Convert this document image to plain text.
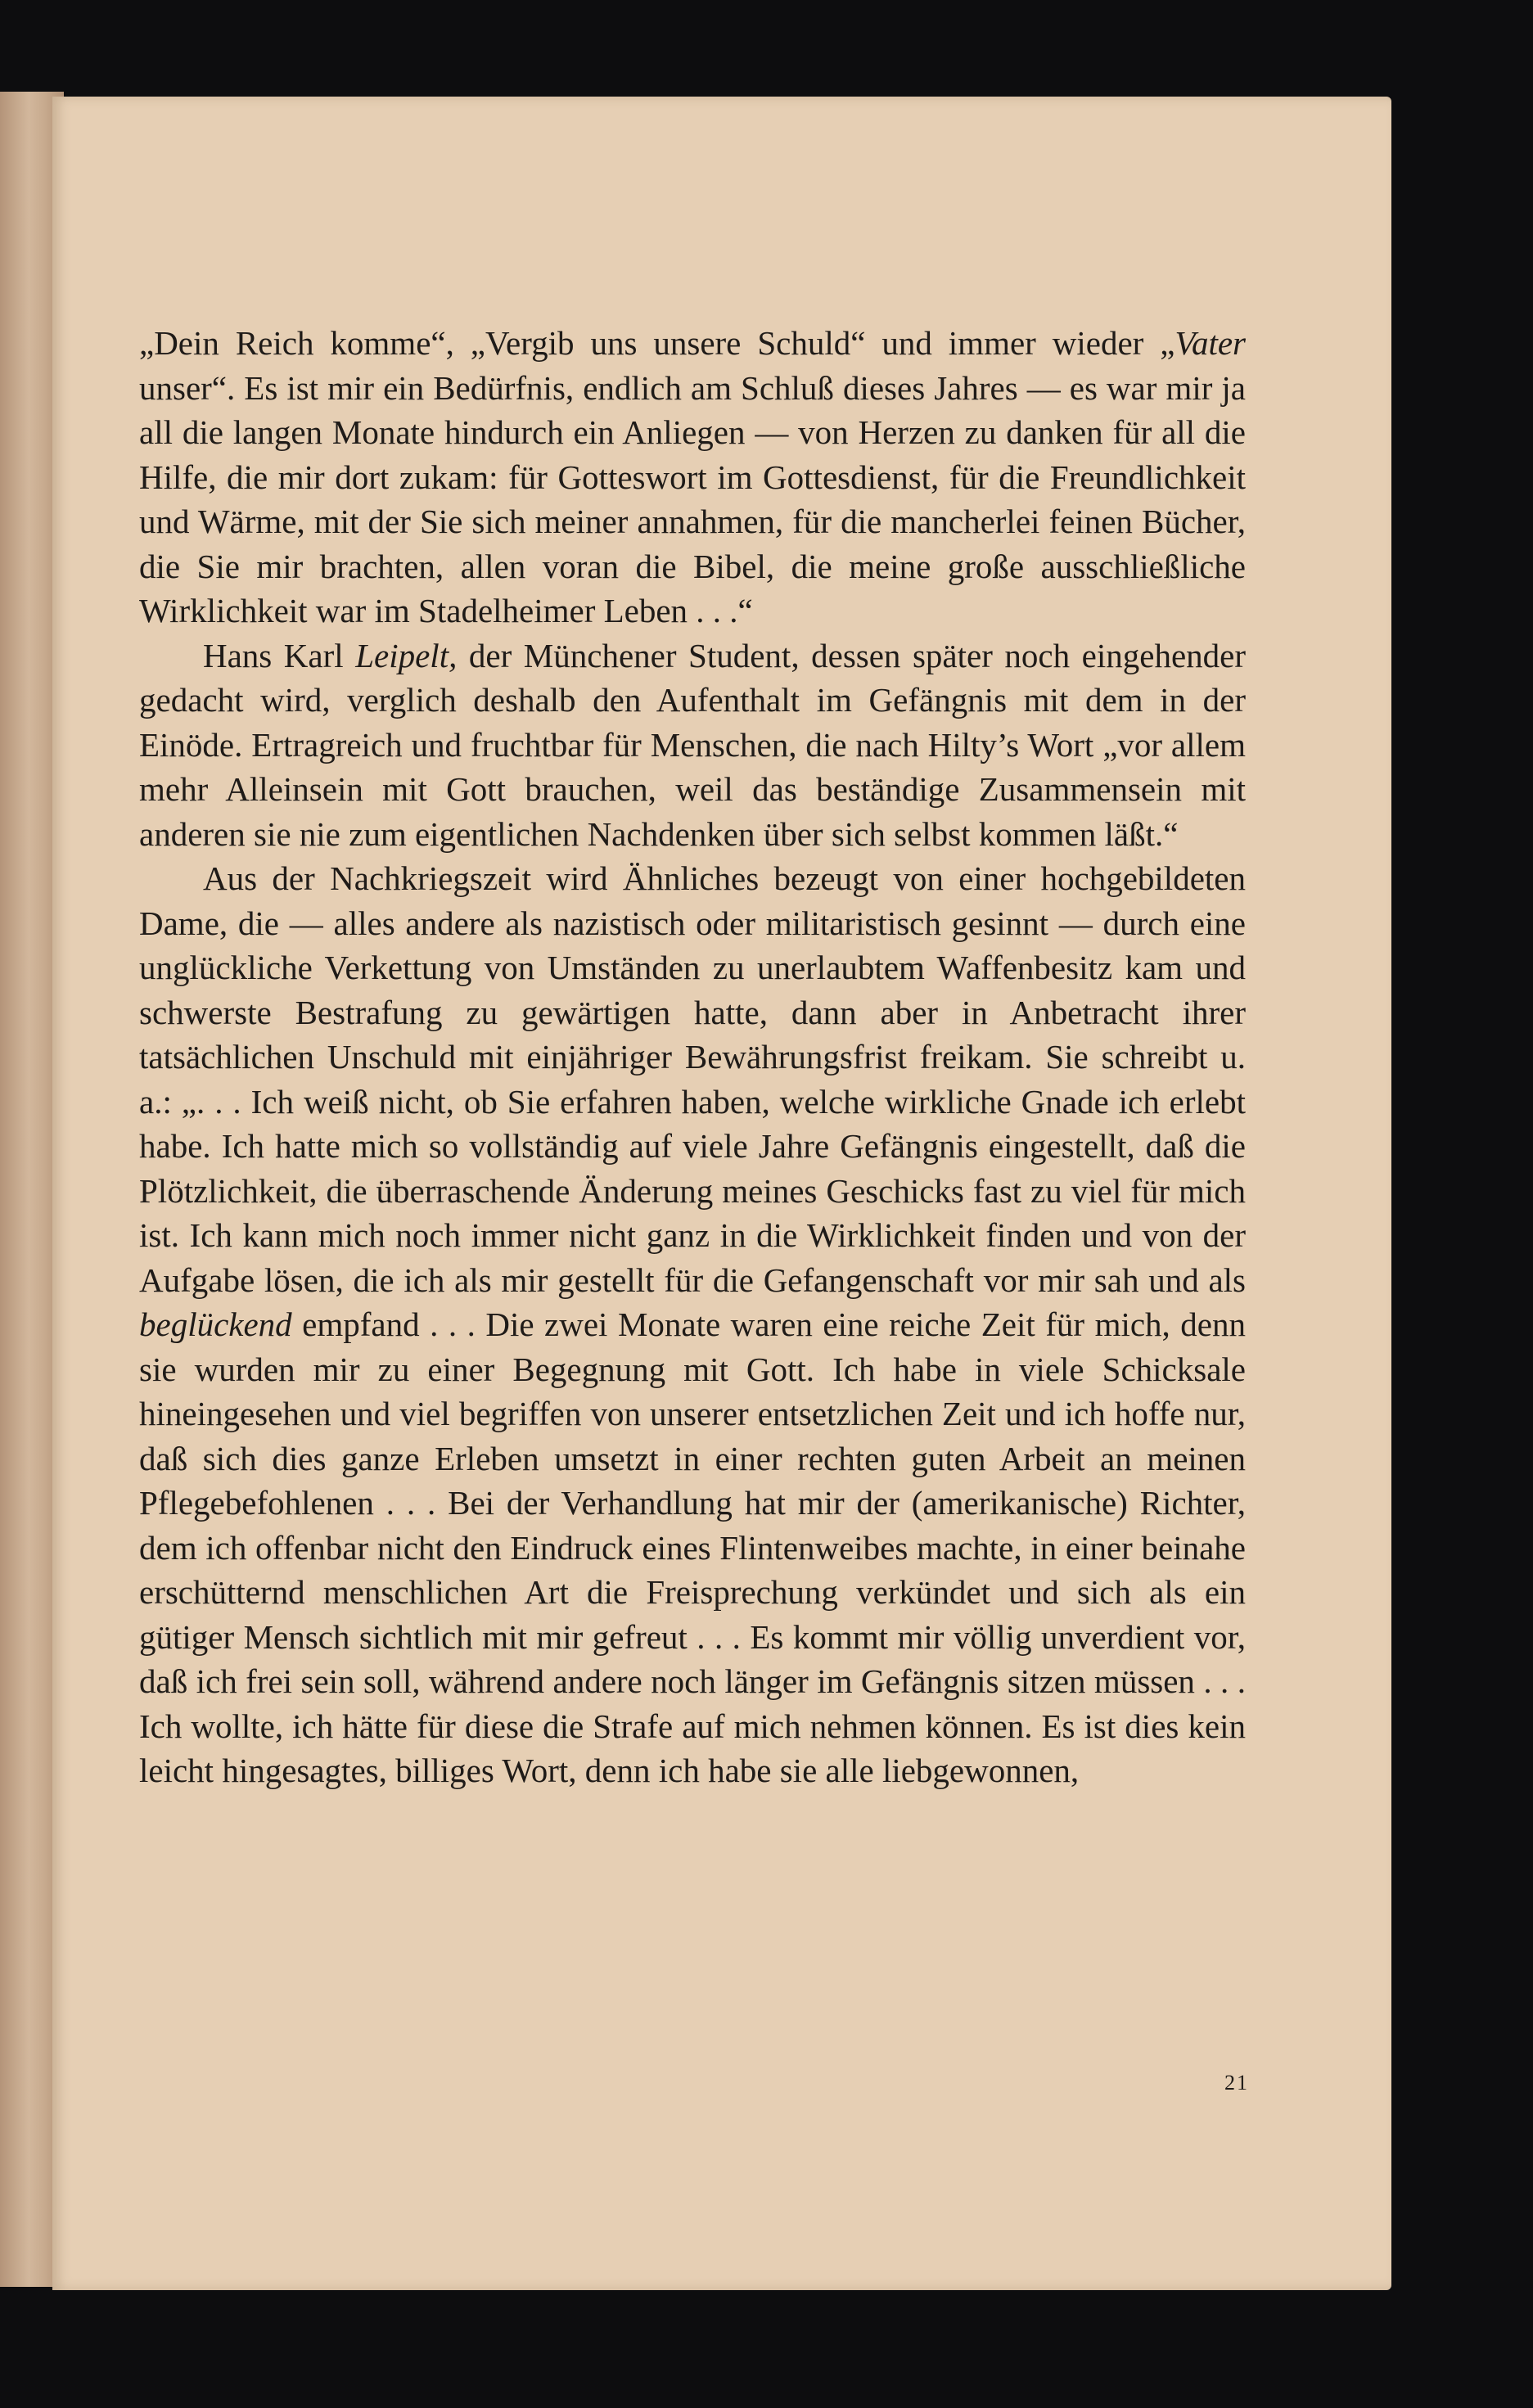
„Dein Reich komme“, „Vergib uns unsere Schuld“ und immer wieder „Vater unser“. Es ist mir ein Bedürfnis, endlich am Schluß dieses Jahres — es war mir ja all die langen Monate hindurch ein Anliegen — von Herzen zu danken für all die Hilfe, die mir dort zukam: für Gotteswort im Gottesdienst, für die Freundlichkeit und Wärme, mit der Sie sich meiner annahmen, für die mancherlei feinen Bücher, die Sie mir brachten, allen voran die Bibel, die meine große ausschließliche Wirklichkeit war im Stadelheimer Leben . . .“

Hans Karl Leipelt, der Münchener Student, dessen später noch eingehender gedacht wird, verglich deshalb den Aufenthalt im Gefängnis mit dem in der Einöde. Ertragreich und fruchtbar für Menschen, die nach Hilty’s Wort „vor allem mehr Alleinsein mit Gott brauchen, weil das beständige Zusammensein mit anderen sie nie zum eigentlichen Nachdenken über sich selbst kommen läßt.“

Aus der Nachkriegszeit wird Ähnliches bezeugt von einer hochgebildeten Dame, die — alles andere als nazistisch oder militaristisch gesinnt — durch eine unglückliche Verkettung von Umständen zu unerlaubtem Waffenbesitz kam und schwerste Bestrafung zu gewärtigen hatte, dann aber in Anbetracht ihrer tatsächlichen Unschuld mit einjähriger Bewährungsfrist freikam. Sie schreibt u. a.: „. . . Ich weiß nicht, ob Sie erfahren haben, welche wirkliche Gnade ich erlebt habe. Ich hatte mich so vollständig auf viele Jahre Gefängnis eingestellt, daß die Plötzlichkeit, die überraschende Änderung meines Geschicks fast zu viel für mich ist. Ich kann mich noch immer nicht ganz in die Wirklichkeit finden und von der Aufgabe lösen, die ich als mir gestellt für die Gefangenschaft vor mir sah und als beglückend empfand . . . Die zwei Monate waren eine reiche Zeit für mich, denn sie wurden mir zu einer Begegnung mit Gott. Ich habe in viele Schicksale hineingesehen und viel begriffen von unserer entsetzlichen Zeit und ich hoffe nur, daß sich dies ganze Erleben umsetzt in einer rechten guten Arbeit an meinen Pflegebefohlenen . . . Bei der Verhandlung hat mir der (amerikanische) Richter, dem ich offenbar nicht den Eindruck eines Flintenweibes machte, in einer beinahe erschütternd menschlichen Art die Freisprechung verkündet und sich als ein gütiger Mensch sichtlich mit mir gefreut . . . Es kommt mir völlig unverdient vor, daß ich frei sein soll, während andere noch länger im Gefängnis sitzen müssen . . . Ich wollte, ich hätte für diese die Strafe auf mich nehmen können. Es ist dies kein leicht hingesagtes, billiges Wort, denn ich habe sie alle liebgewonnen,

21
